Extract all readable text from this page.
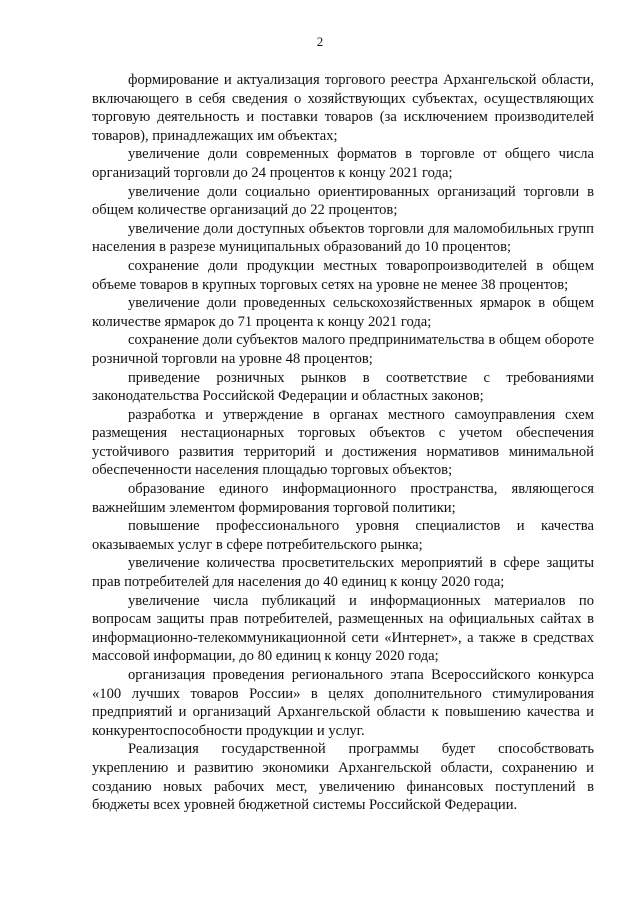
2

формирование и актуализация торгового реестра Архангельской области, включающего в себя сведения о хозяйствующих субъектах, осуществляющих торговую деятельность и поставки товаров (за исключением производителей товаров), принадлежащих им объектах;

увеличение доли современных форматов в торговле от общего числа организаций торговли до 24 процентов к концу 2021 года;

увеличение доли социально ориентированных организаций торговли в общем количестве организаций до 22 процентов;

увеличение доли доступных объектов торговли для маломобильных групп населения в разрезе муниципальных образований до 10 процентов;

сохранение доли продукции местных товаропроизводителей в общем объеме товаров в крупных торговых сетях на уровне не менее 38 процентов;

увеличение доли проведенных сельскохозяйственных ярмарок в общем количестве ярмарок до 71 процента к концу 2021 года;

сохранение доли субъектов малого предпринимательства в общем обороте розничной торговли на уровне 48 процентов;

приведение розничных рынков в соответствие с требованиями законодательства Российской Федерации и областных законов;

разработка и утверждение в органах местного самоуправления схем размещения нестационарных торговых объектов с учетом обеспечения устойчивого развития территорий и достижения нормативов минимальной обеспеченности населения площадью торговых объектов;

образование единого информационного пространства, являющегося важнейшим элементом формирования торговой политики;

повышение профессионального уровня специалистов и качества оказываемых услуг в сфере потребительского рынка;

увеличение количества просветительских мероприятий в сфере защиты прав потребителей для населения до 40 единиц к концу 2020 года;

увеличение числа публикаций и информационных материалов по вопросам защиты прав потребителей, размещенных на официальных сайтах в информационно-телекоммуникационной сети «Интернет», а также в средствах массовой информации, до 80 единиц к концу 2020 года;

организация проведения регионального этапа Всероссийского конкурса «100 лучших товаров России» в целях дополнительного стимулирования предприятий и организаций Архангельской области к повышению качества и конкурентоспособности продукции и услуг.

Реализация государственной программы будет способствовать укреплению и развитию экономики Архангельской области, сохранению и созданию новых рабочих мест, увеличению финансовых поступлений в бюджеты всех уровней бюджетной системы Российской Федерации.
